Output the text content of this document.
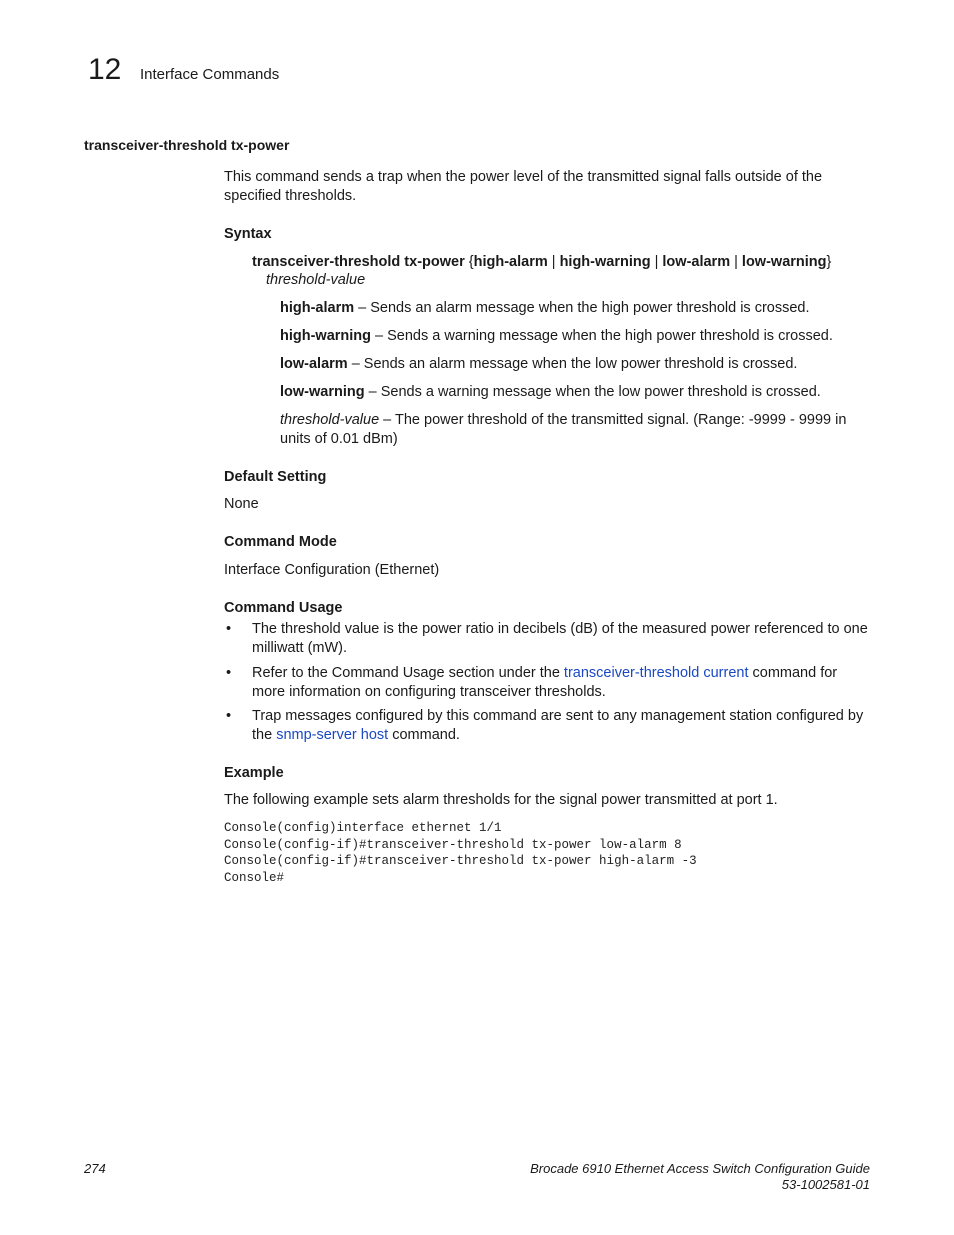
12 Interface Commands
transceiver-threshold tx-power

This command sends a trap when the power level of the transmitted signal falls outside of the specified thresholds.

Syntax

transceiver-threshold tx-power {high-alarm | high-warning | low-alarm | low-warning}
threshold-value

high-alarm – Sends an alarm message when the high power threshold is crossed.

high-warning – Sends a warning message when the high power threshold is crossed.

low-alarm – Sends an alarm message when the low power threshold is crossed.

low-warning – Sends a warning message when the low power threshold is crossed.

threshold-value – The power threshold of the transmitted signal. (Range: -9999 - 9999 in units of 0.01 dBm)

Default Setting

None

Command Mode

Interface Configuration (Ethernet)

Command Usage

• The threshold value is the power ratio in decibels (dB) of the measured power referenced to one milliwatt (mW).
• Refer to the Command Usage section under the transceiver-threshold current command for more information on configuring transceiver thresholds.
• Trap messages configured by this command are sent to any management station configured by the snmp-server host command.

Example

The following example sets alarm thresholds for the signal power transmitted at port 1.

Console(config)interface ethernet 1/1
Console(config-if)#transceiver-threshold tx-power low-alarm 8
Console(config-if)#transceiver-threshold tx-power high-alarm -3
Console#
274	Brocade 6910 Ethernet Access Switch Configuration Guide
53-1002581-01
